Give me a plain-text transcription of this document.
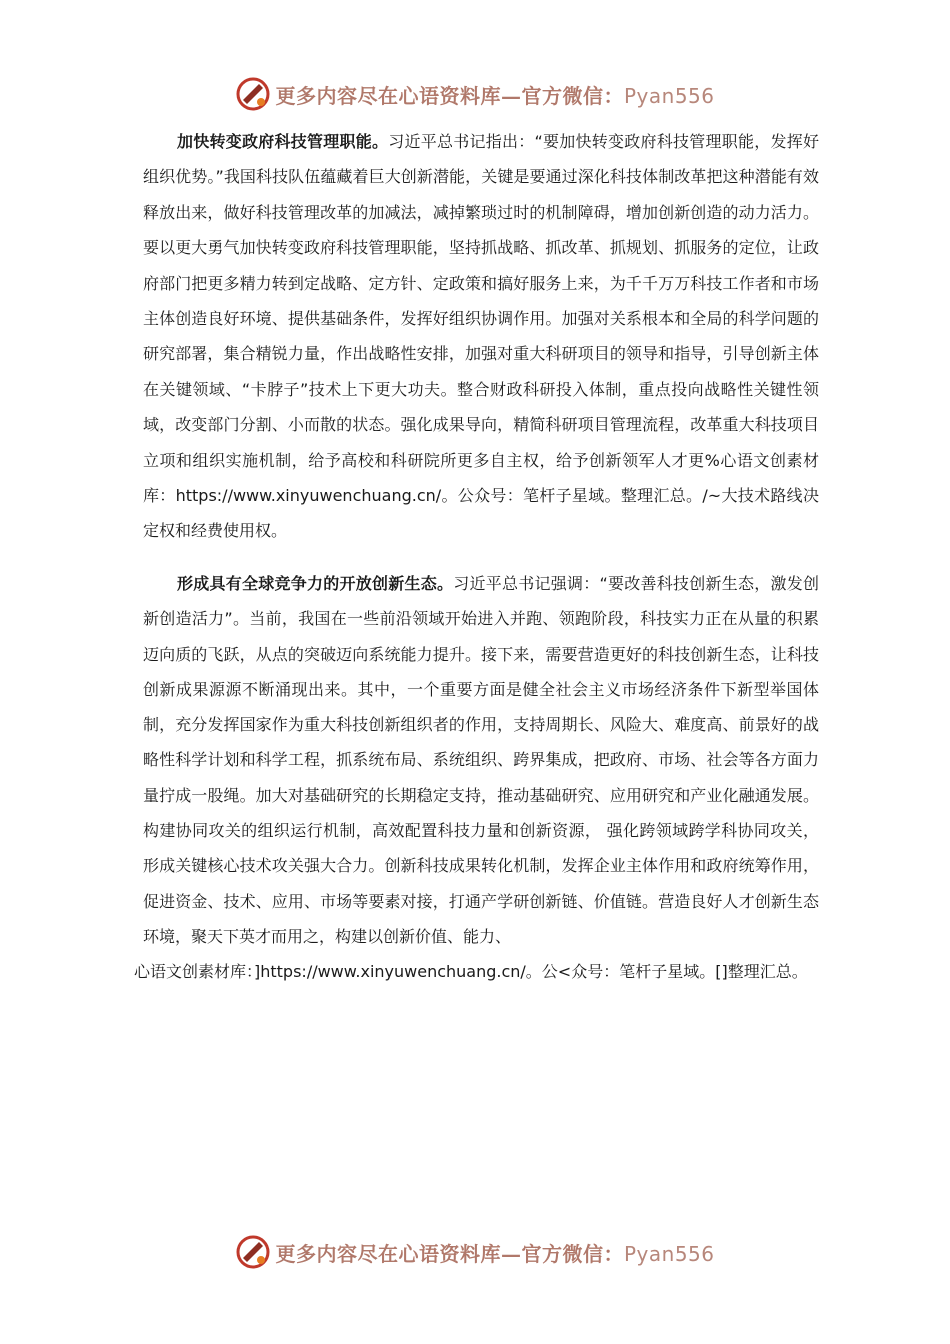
更多内容尽在心语资料库—官方微信：Pyan556

加快转变政府科技管理职能。习近平总书记指出：“要加快转变政府科技管理职能，发挥好组织优势。”我国科技队伍蕴藏着巨大创新潜能，关键是要通过深化科技体制改革把这种潜能有效释放出来，做好科技管理改革的加减法，减掉繁琐过时的机制障碍，增加创新创造的动力活力。要以更大勇气加快转变政府科技管理职能，坚持抓战略、抓改革、抓规划、抓服务的定位，让政府部门把更多精力转到定战略、定方针、定政策和搞好服务上来，为千千万万科技工作者和市场主体创造良好环境、提供基础条件，发挥好组织协调作用。加强对关系根本和全局的科学问题的研究部署，集合精锐力量，作出战略性安排，加强对重大科研项目的领导和指导，引导创新主体在关键领域、“卡脖子”技术上下更大功夫。整合财政科研投入体制，重点投向战略性关键性领域，改变部门分割、小而散的状态。强化成果导向，精简科研项目管理流程，改革重大科技项目立项和组织实施机制，给予高校和科研院所更多自主权，给予创新领军人才更%心语文创素材库：https://www.xinyuwenchuang.cn/。公众号：笔杆子星域。整理汇总。/~大技术路线决定权和经费使用权。

形成具有全球竞争力的开放创新生态。习近平总书记强调：“要改善科技创新生态，激发创新创造活力”。当前，我国在一些前沿领域开始进入并跑、领跑阶段，科技实力正在从量的积累迈向质的飞跃，从点的突破迈向系统能力提升。接下来，需要营造更好的科技创新生态，让科技创新成果源源不断涌现出来。其中，一个重要方面是健全社会主义市场经济条件下新型举国体制，充分发挥国家作为重大科技创新组织者的作用，支持周期长、风险大、难度高、前景好的战略性科学计划和科学工程，抓系统布局、系统组织、跨界集成，把政府、市场、社会等各方面力量拧成一股绳。加大对基础研究的长期稳定支持，推动基础研究、应用研究和产业化融通发展。构建协同攻关的组织运行机制，高效配置科技力量和创新资源， 强化跨领域跨学科协同攻关，形成关键核心技术攻关强大合力。创新科技成果转化机制，发挥企业主体作用和政府统筹作用，促进资金、技术、应用、市场等要素对接，打通产学研创新链、价值链。营造良好人才创新生态环境，聚天下英才而用之，构建以创新价值、能力、

心语文创素材库：]https://www.xinyuwenchuang.cn/。公<众号：笔杆子星域。[]整理汇总。

更多内容尽在心语资料库—官方微信：Pyan556
